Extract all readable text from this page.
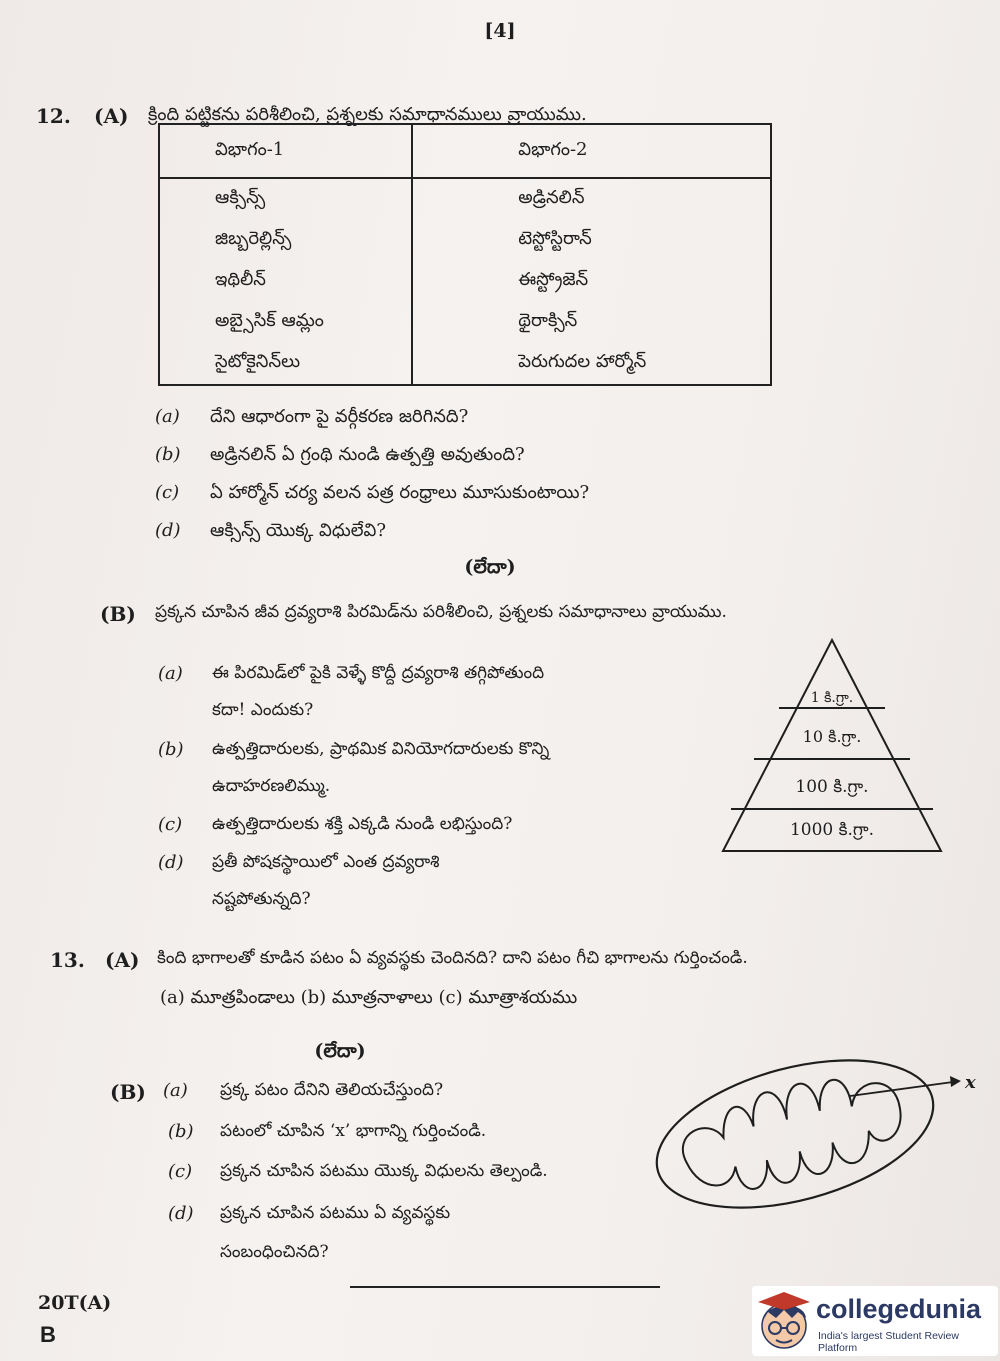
[4]
12. (A) క్రింది పట్టికను పరిశీలించి, ప్రశ్నలకు సమాధానములు వ్రాయుము.
విభాగం-1	విభాగం-2
ఆక్సిన్స్	అడ్రినలిన్
జిబ్బరెల్లిన్స్	టెస్టోస్టిరాన్
ఇథిలీన్	ఈస్ట్రోజెన్
అబ్సైసిక్ ఆమ్లం	థైరాక్సిన్
సైటోకైనిన్‌లు	పెరుగుదల హార్మోన్
(a) దేని ఆధారంగా పై వర్గీకరణ జరిగినది?
(b) అడ్రినలిన్ ఏ గ్రంథి నుండి ఉత్పత్తి అవుతుంది?
(c) ఏ హార్మోన్ చర్య వలన పత్ర రంధ్రాలు మూసుకుంటాయి?
(d) ఆక్సిన్స్ యొక్క విధులేవి?
(లేదా)
(B) ప్రక్కన చూపిన జీవ ద్రవ్యరాశి పిరమిడ్‌ను పరిశీలించి, ప్రశ్నలకు సమాధానాలు వ్రాయుము.
(a) ఈ పిరమిడ్‌లో పైకి వెళ్ళే కొద్దీ ద్రవ్యరాశి తగ్గిపోతుంది
కదా! ఎందుకు?
(b) ఉత్పత్తిదారులకు, ప్రాథమిక వినియోగదారులకు కొన్ని
ఉదాహరణలిమ్ము.
(c) ఉత్పత్తిదారులకు శక్తి ఎక్కడి నుండి లభిస్తుంది?
(d) ప్రతీ పోషకస్థాయిలో ఎంత ద్రవ్యరాశి
నష్టపోతున్నది?
1 కి.గ్రా.
10 కి.గ్రా.
100 కి.గ్రా.
1000 కి.గ్రా.
13. (A) కింది భాగాలతో కూడిన పటం ఏ వ్యవస్థకు చెందినది? దాని పటం గీచి భాగాలను గుర్తించండి.
(a) మూత్రపిండాలు (b) మూత్రనాళాలు (c) మూత్రాశయము
(లేదా)
(B) (a) ప్రక్క పటం దేనిని తెలియచేస్తుంది?
(b) పటంలో చూపిన ‘x’ భాగాన్ని గుర్తించండి.
(c) ప్రక్కన చూపిన పటము యొక్క విధులను తెల్పండి.
(d) ప్రక్కన చూపిన పటము ఏ వ్యవస్థకు
సంబంధించినది?
x
20T(A)
B
collegedunia
India's largest Student Review Platform
